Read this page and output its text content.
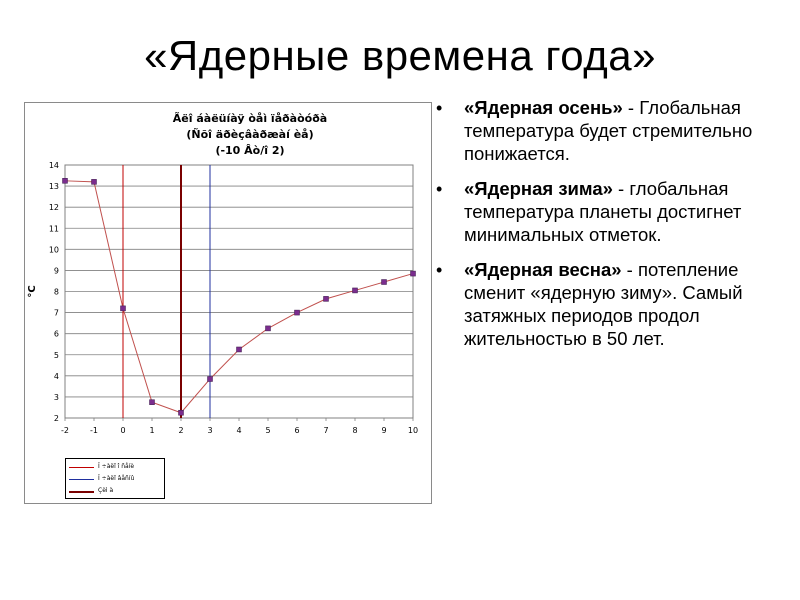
«Ядерные времена года»
Ãëî áàëüíàÿ òåì ïåðàòóðà
(Ñõî äðèçâàðæàí èå)
(-10 Âò/î 2)
2
3
4
5
6
7
8
9
10
11
12
13
14
-2	-1	0	1	2	3	4	5	6	7	8	9	10
°C
Î ÷àëî î ñåíè
Î ÷àëî âåñíû
Çèì à
• «Ядерная осень» - Глобальная температура будет стремительно понижается.
• «Ядерная зима» - глобальная температура планеты достигнет минимальных отметок.
• «Ядерная весна» - потепление сменит «ядерную зиму». Самый затяжных периодов продол жительностью в 50 лет.
